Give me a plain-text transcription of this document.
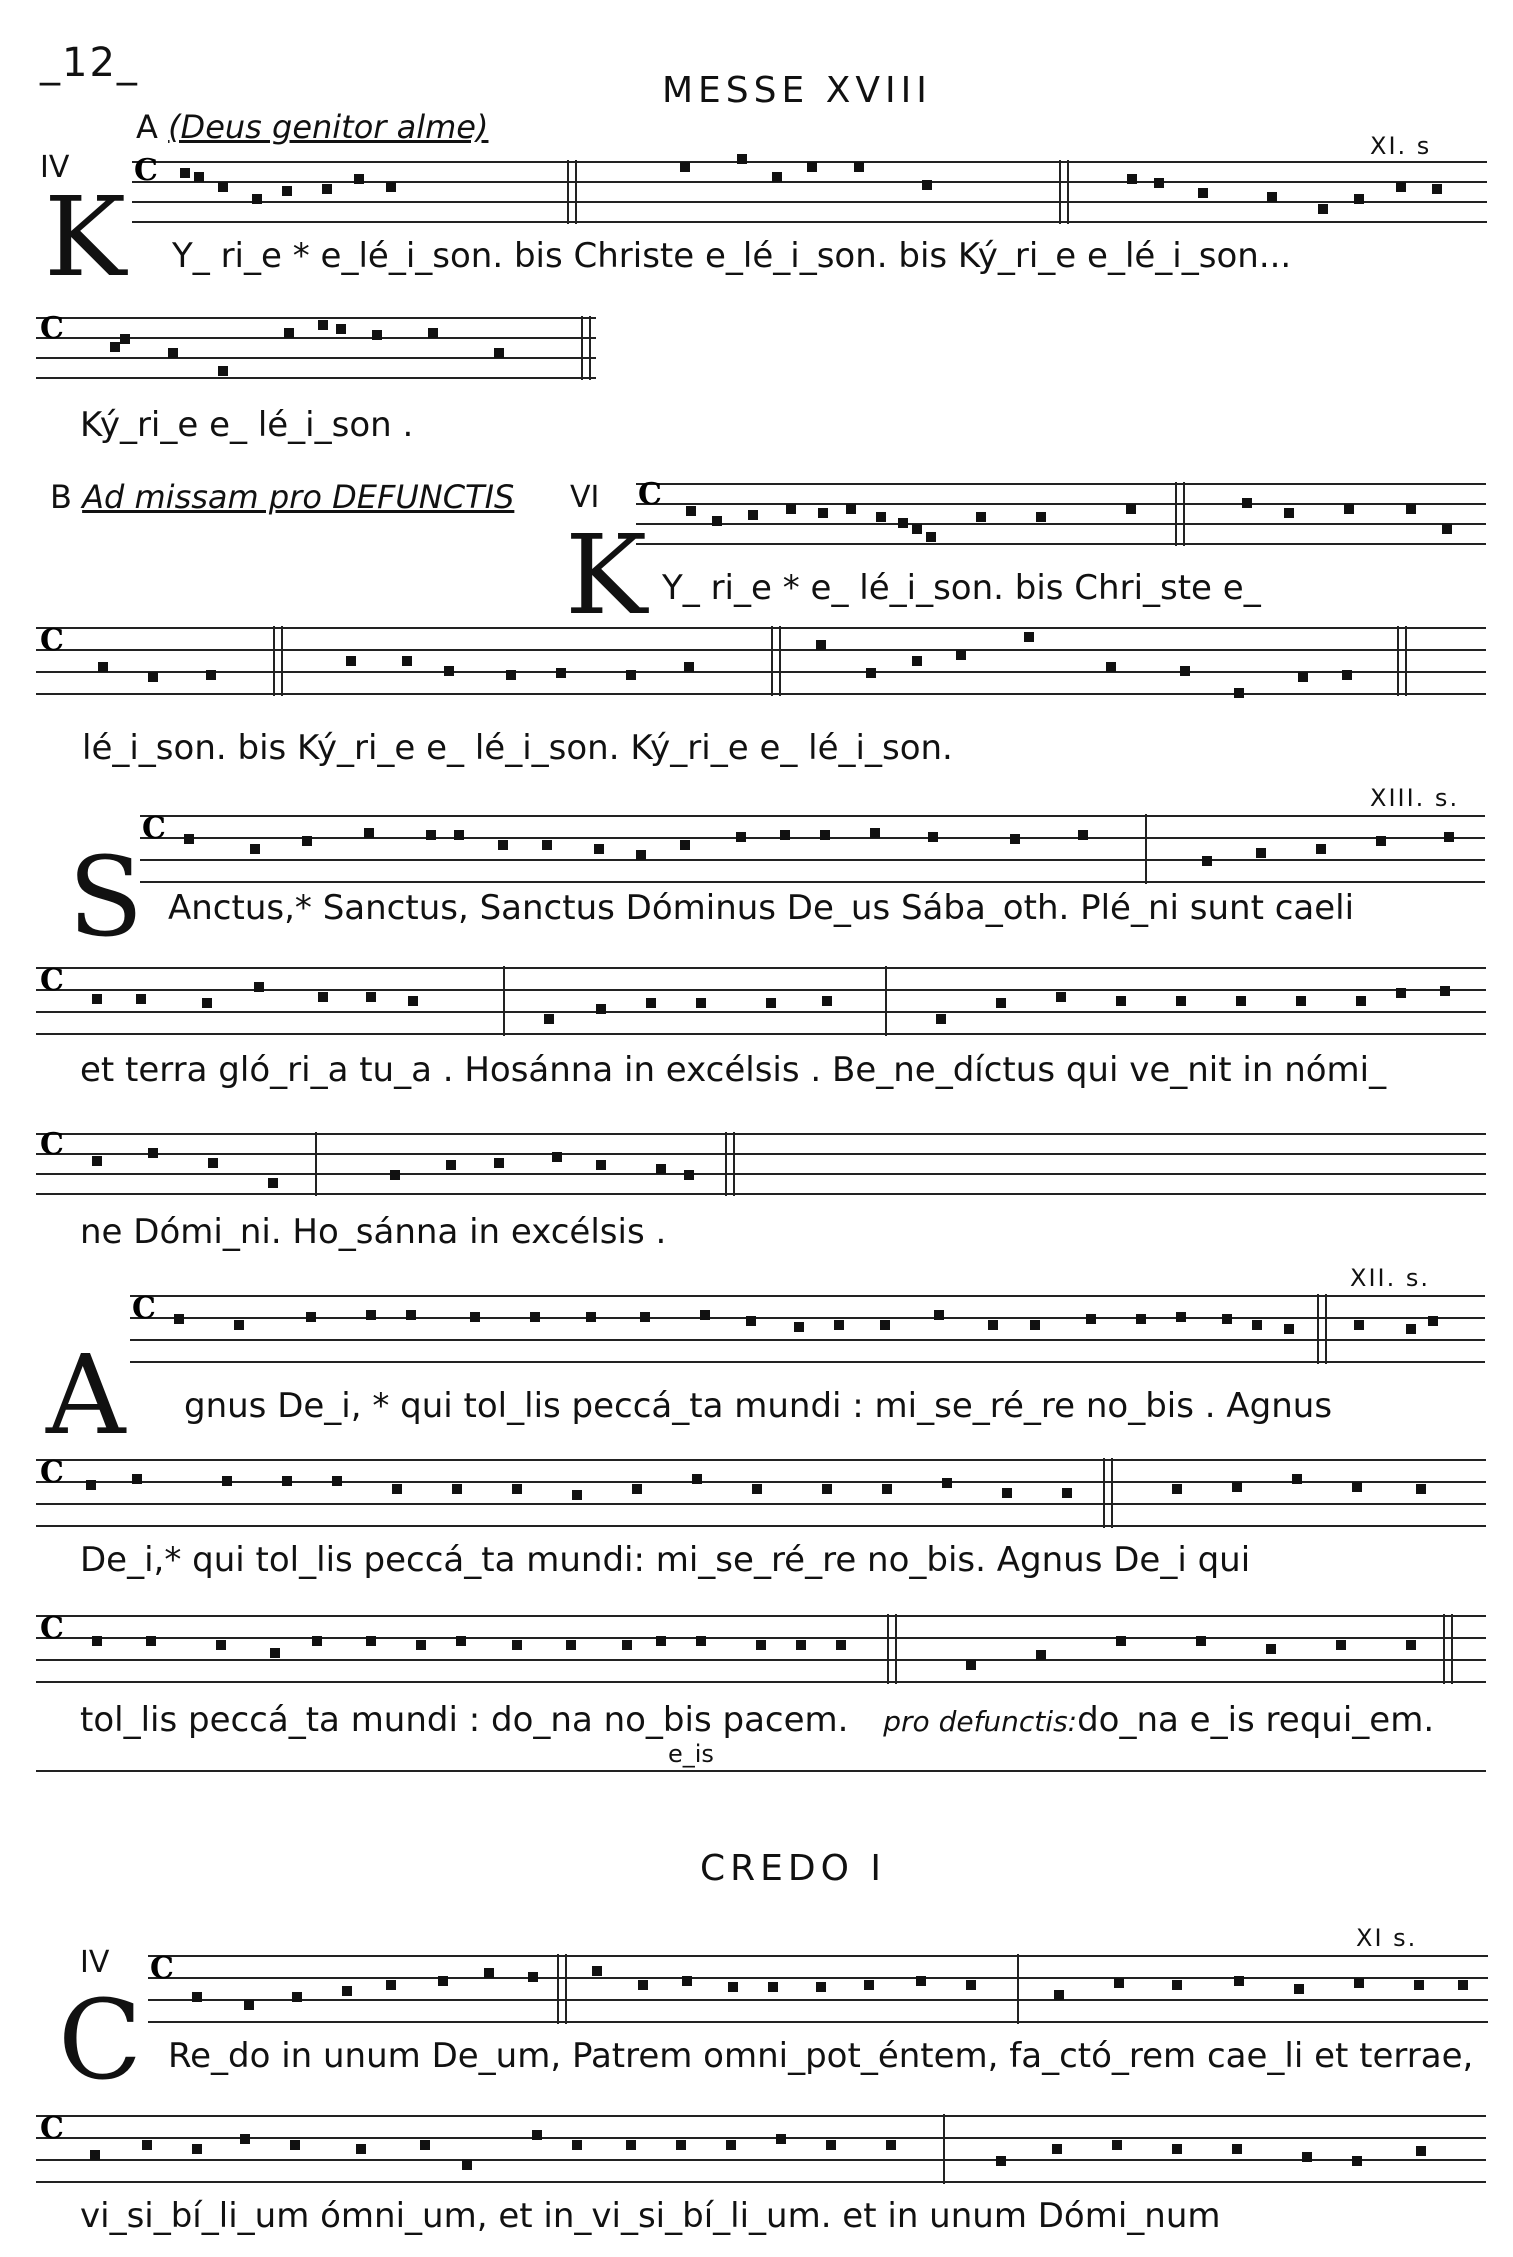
_12_
MESSE XVIII
A (Deus genitor alme)
IV
XI. s
K
C
Y_ ri_e * e_lé_i_son. bis Christe e_lé_i_son. bis Ký_ri_e e_lé_i_son...
C
Ký_ri_e e_ lé_i_son .
B Ad missam pro DEFUNCTIS VI
K
C
Y_ ri_e * e_ lé_i_son. bis Chri_ste e_
C
lé_i_son. bis Ký_ri_e e_ lé_i_son. Ký_ri_e e_ lé_i_son.
XIII. s.
S
C
Anctus,* Sanctus, Sanctus Dóminus De_us Sába_oth. Plé_ni sunt caeli
C
et terra gló_ri_a tu_a . Hosánna in excélsis . Be_ne_díctus qui ve_nit in nómi_
C
ne Dómi_ni. Ho_sánna in excélsis .
XII. s.
A
C
gnus De_i, * qui tol_lis peccá_ta mundi : mi_se_ré_re no_bis . Agnus
C
De_i,* qui tol_lis peccá_ta mundi: mi_se_ré_re no_bis. Agnus De_i qui
C
tol_lis peccá_ta mundi : do_na no_bis pacem. pro defunctis:do_na e_is requi_em.
e_is
CREDO I
IV
XI s.
C
C
Re_do in unum De_um, Patrem omni_pot_éntem, fa_ctó_rem cae_li et terrae,
C
vi_si_bí_li_um ómni_um, et in_vi_si_bí_li_um. et in unum Dómi_num
